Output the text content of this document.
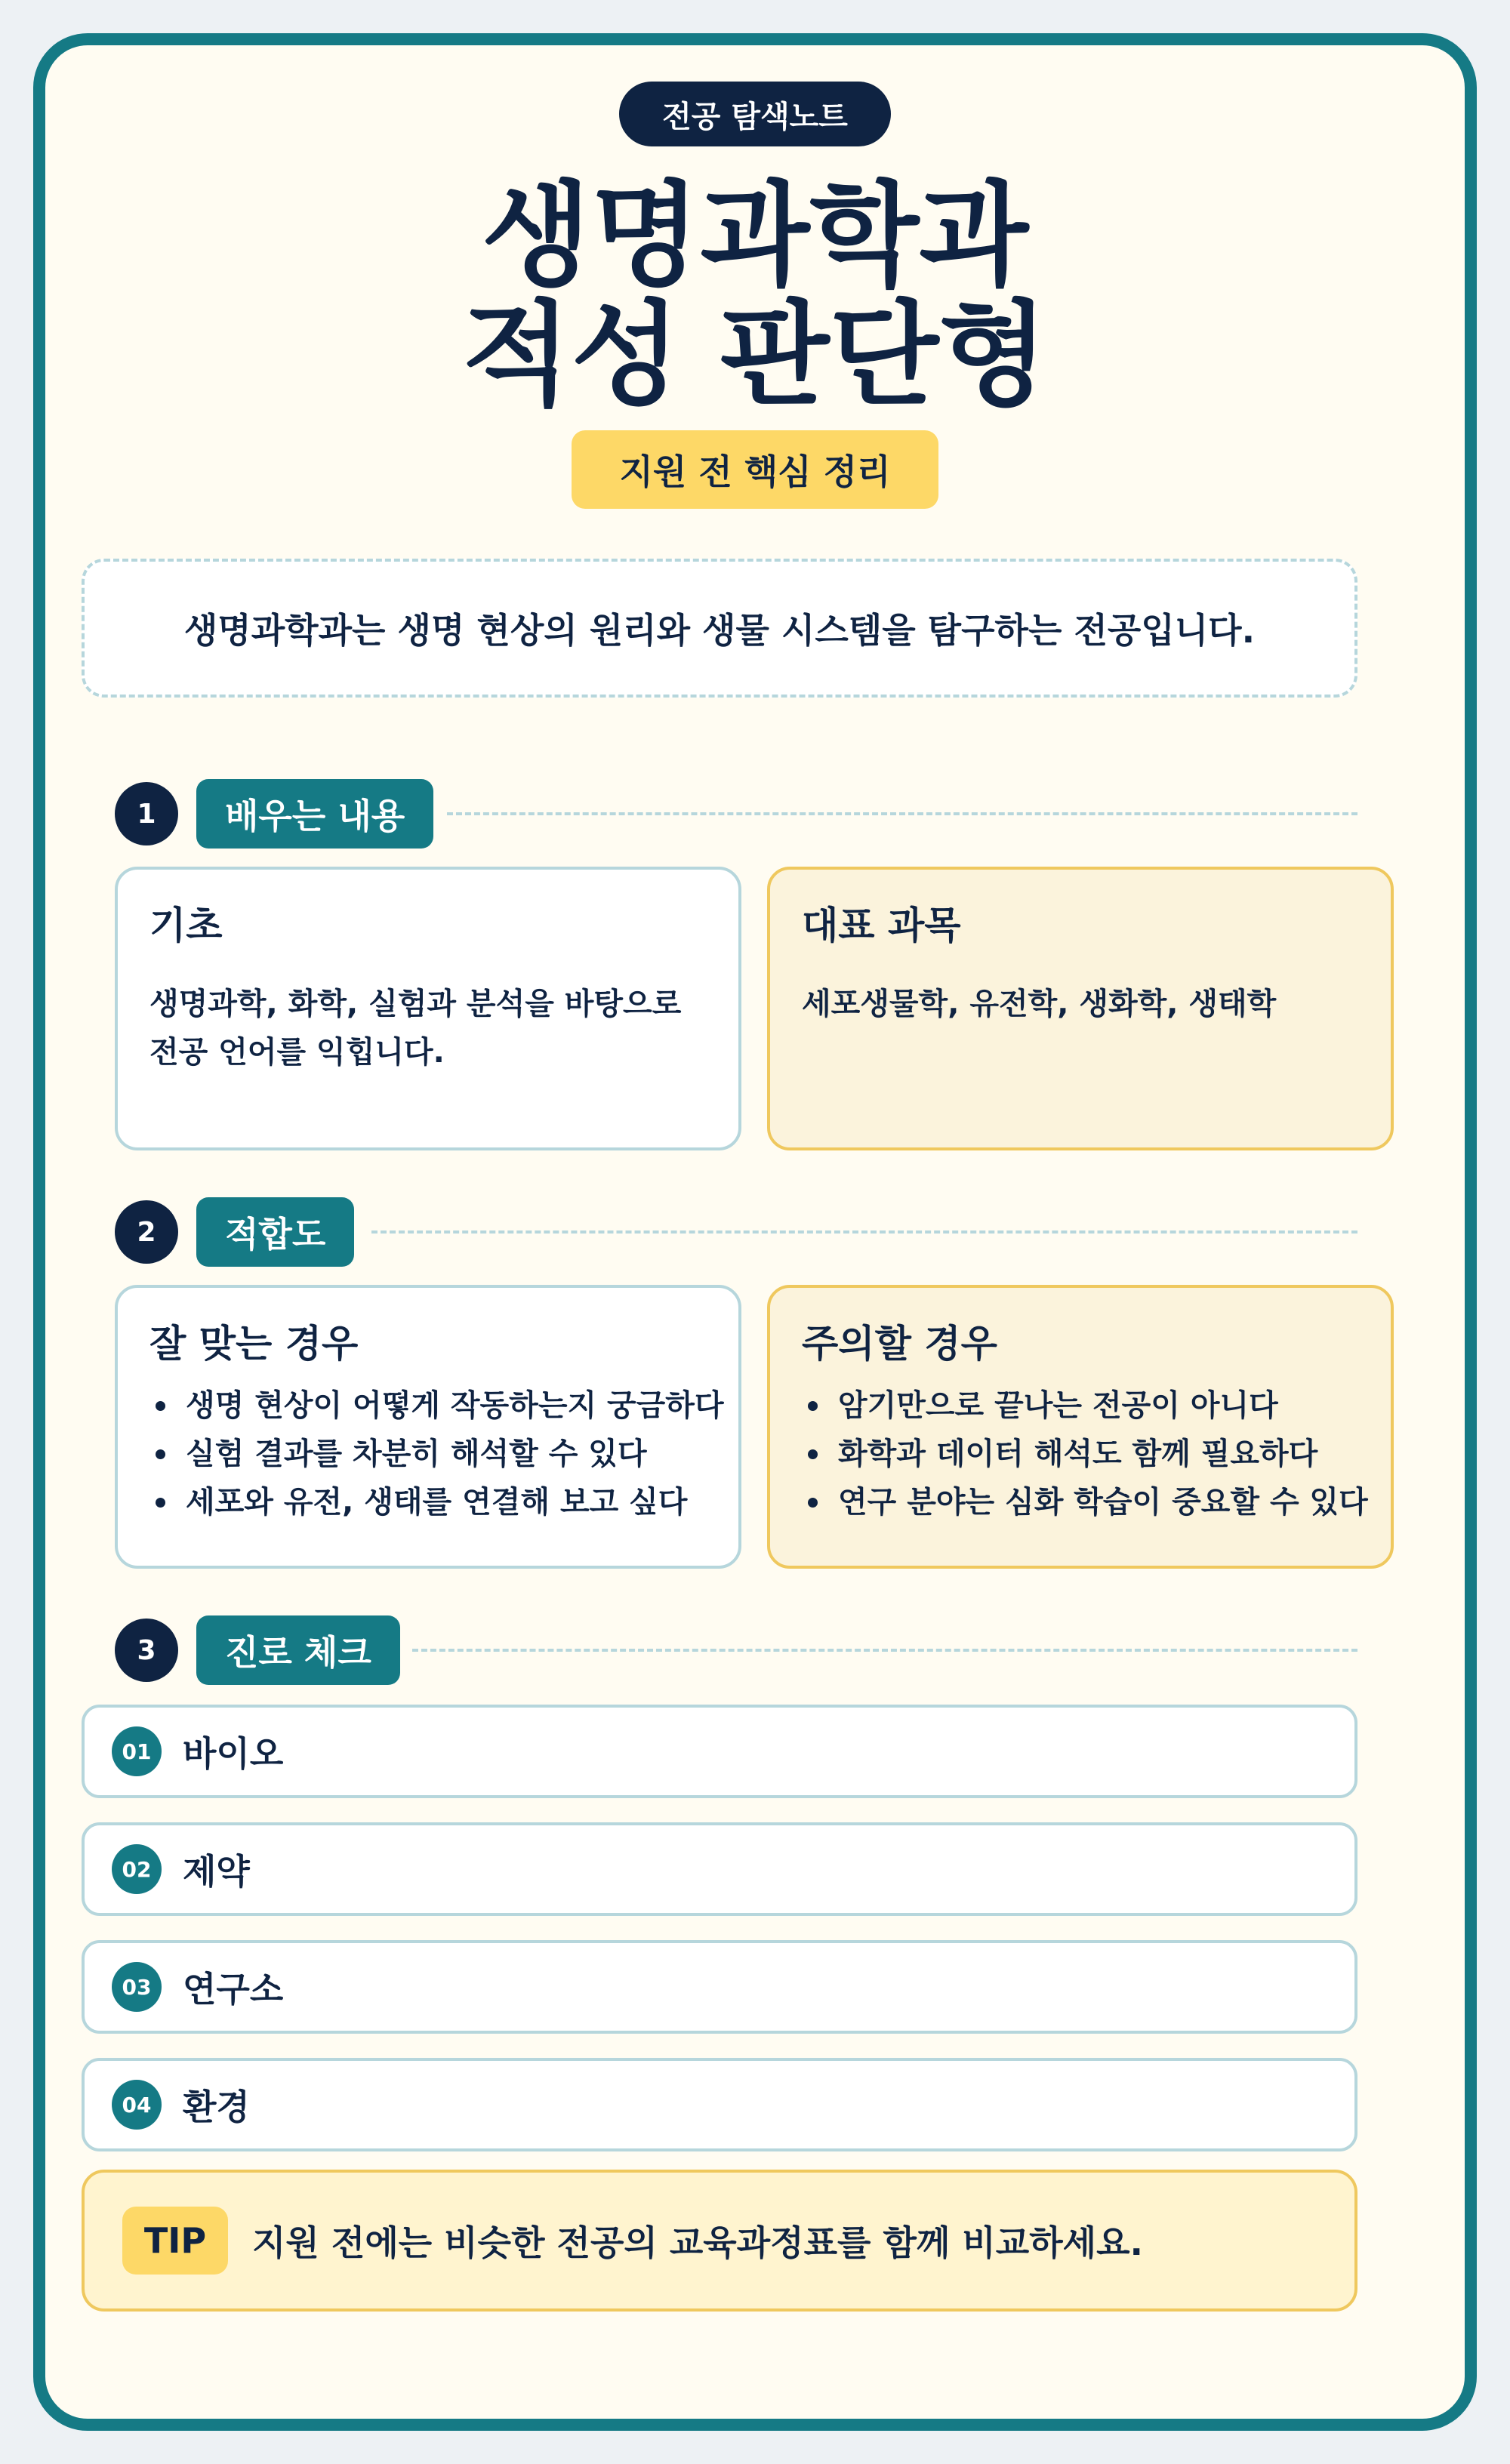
전공 탐색노트
생명과학과
적성 판단형
지원 전 핵심 정리
생명과학과는 생명 현상의 원리와 생물 시스템을 탐구하는 전공입니다.
1	배우는 내용
기초
생명과학, 화학, 실험과 분석을 바탕으로 전공 언어를 익힙니다.
대표 과목
세포생물학, 유전학, 생화학, 생태학
2	적합도
잘 맞는 경우
생명 현상이 어떻게 작동하는지 궁금하다
실험 결과를 차분히 해석할 수 있다
세포와 유전, 생태를 연결해 보고 싶다
주의할 경우
암기만으로 끝나는 전공이 아니다
화학과 데이터 해석도 함께 필요하다
연구 분야는 심화 학습이 중요할 수 있다
3	진로 체크
01 바이오
02 제약
03 연구소
04 환경
TIP	지원 전에는 비슷한 전공의 교육과정표를 함께 비교하세요.
